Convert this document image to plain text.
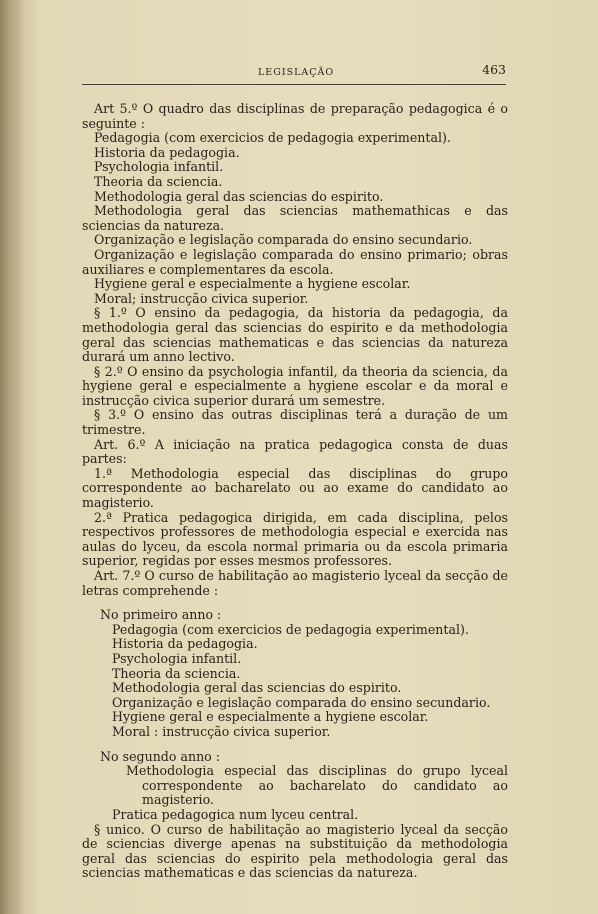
LEGISLAÇÃO	463

Art 5.º O quadro das disciplinas de preparação pedagogica é o seguinte :

Pedagogia (com exercicios de pedagogia experimental).

Historia da pedagogia.

Psychologia infantil.

Theoria da sciencia.

Methodologia geral das sciencias do espirito.

Methodologia geral das sciencias mathemathicas e das sciencias da natureza.

Organização e legislação comparada do ensino secundario.

Organização e legislação comparada do ensino primario; obras auxiliares e complementares da escola.

Hygiene geral e especialmente a hygiene escolar.

Moral; instrucção civica superior.

§ 1.º O ensino da pedagogia, da historia da pedagogia, da methodologia geral das sciencias do espirito e da methodologia geral das sciencias mathematicas e das sciencias da natureza durará um anno lectivo.

§ 2.º O ensino da psychologia infantil, da theoria da sciencia, da hygiene geral e especialmente a hygiene escolar e da moral e instrucção civica superior durará um semestre.

§ 3.º O ensino das outras disciplinas terá a duração de um trimestre.

Art. 6.º A iniciação na pratica pedagogica consta de duas partes:

1.ª Methodologia especial das disciplinas do grupo correspondente ao bacharelato ou ao exame do candidato ao magisterio.

2.ª Pratica pedagogica dirigida, em cada disciplina, pelos respectivos professores de methodologia especial e exercida nas aulas do lyceu, da escola normal primaria ou da escola primaria superior, regidas por esses mesmos professores.

Art. 7.º O curso de habilitação ao magisterio lyceal da secção de letras comprehende :

No primeiro anno :

Pedagogia (com exercicios de pedagogia experimental).

Historia da pedagogia.

Psychologia infantil.

Theoria da sciencia.

Methodologia geral das sciencias do espirito.

Organização e legislação comparada do ensino secundario.

Hygiene geral e especialmente a hygiene escolar.

Moral : instrucção civica superior.

No segundo anno :

Methodologia especial das disciplinas do grupo lyceal correspondente ao bacharelato do candidato ao magisterio.

Pratica pedagogica num lyceu central.

§ unico. O curso de habilitação ao magisterio lyceal da secção de sciencias diverge apenas na substituição da methodologia geral das sciencias do espirito pela methodologia geral das sciencias mathematicas e das sciencias da natureza.
